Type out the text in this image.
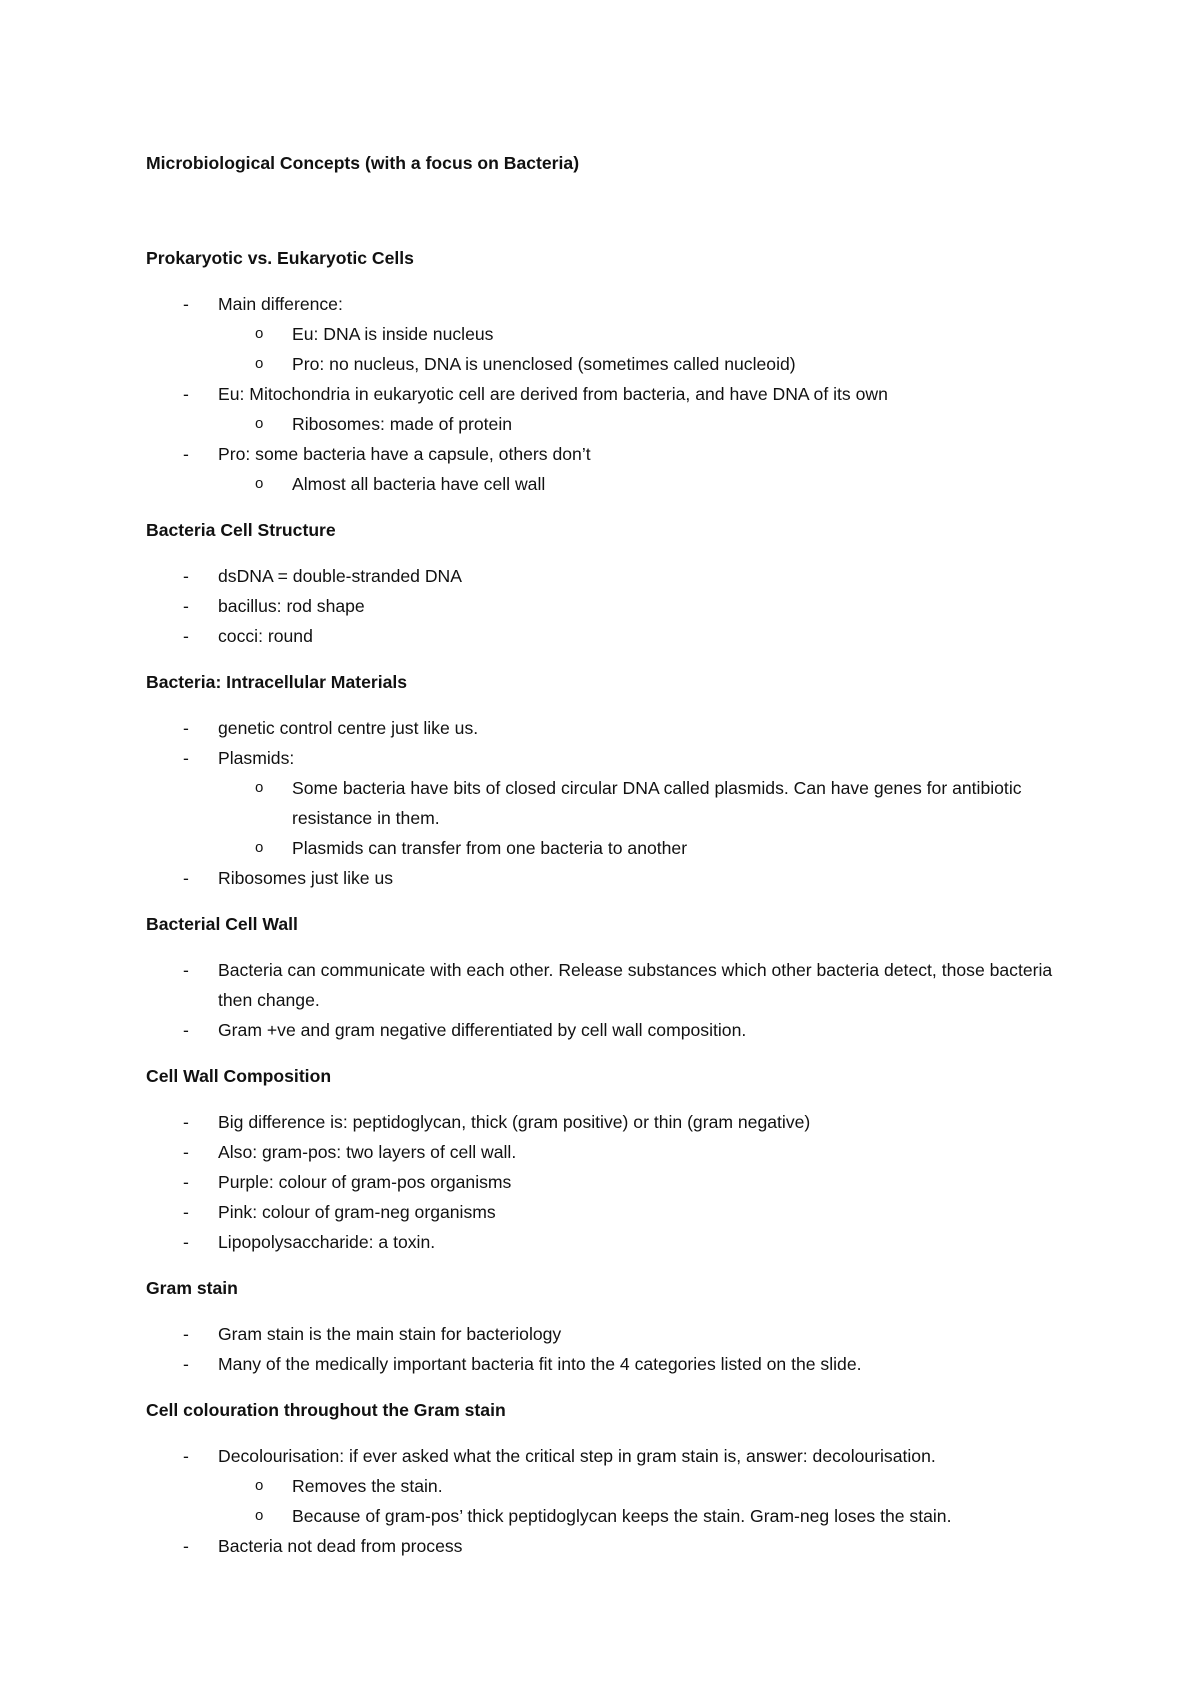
Microbiological Concepts (with a focus on Bacteria)

Prokaryotic vs. Eukaryotic Cells

- Main difference:
o Eu: DNA is inside nucleus
o Pro: no nucleus, DNA is unenclosed (sometimes called nucleoid)
- Eu: Mitochondria in eukaryotic cell are derived from bacteria, and have DNA of its own
o Ribosomes: made of protein
- Pro: some bacteria have a capsule, others don’t
o Almost all bacteria have cell wall

Bacteria Cell Structure

- dsDNA = double-stranded DNA
- bacillus: rod shape
- cocci: round

Bacteria: Intracellular Materials

- genetic control centre just like us.
- Plasmids:
o Some bacteria have bits of closed circular DNA called plasmids. Can have genes for antibiotic resistance in them.
o Plasmids can transfer from one bacteria to another
- Ribosomes just like us

Bacterial Cell Wall

- Bacteria can communicate with each other. Release substances which other bacteria detect, those bacteria then change.
- Gram +ve and gram negative differentiated by cell wall composition.

Cell Wall Composition

- Big difference is: peptidoglycan, thick (gram positive) or thin (gram negative)
- Also: gram-pos: two layers of cell wall.
- Purple: colour of gram-pos organisms
- Pink: colour of gram-neg organisms
- Lipopolysaccharide: a toxin.

Gram stain

- Gram stain is the main stain for bacteriology
- Many of the medically important bacteria fit into the 4 categories listed on the slide.

Cell colouration throughout the Gram stain

- Decolourisation: if ever asked what the critical step in gram stain is, answer: decolourisation.
o Removes the stain.
o Because of gram-pos’ thick peptidoglycan keeps the stain. Gram-neg loses the stain.
- Bacteria not dead from process
